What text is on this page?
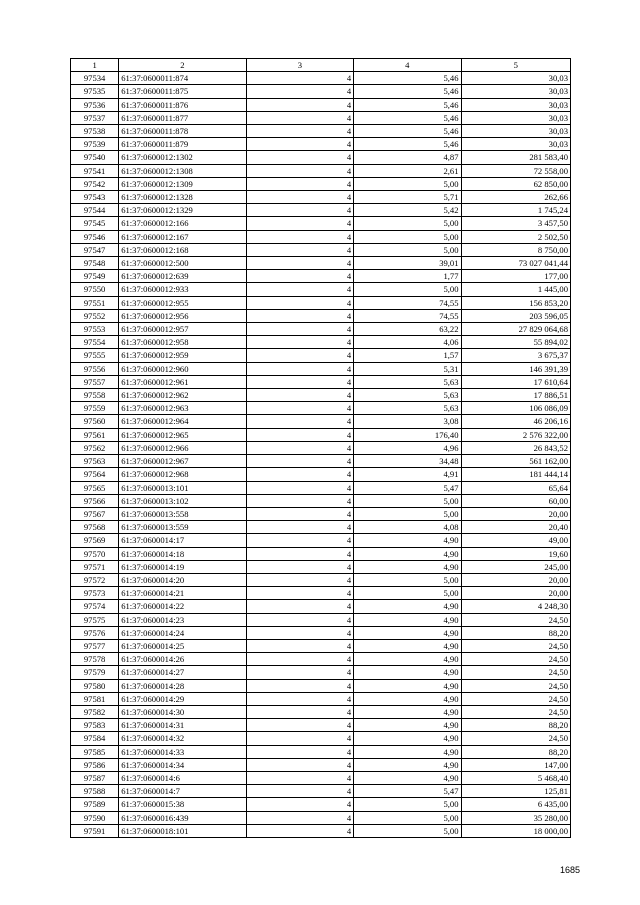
1	2	3	4	5
97534	61:37:0600011:874	4	5,46	30,03
97535	61:37:0600011:875	4	5,46	30,03
97536	61:37:0600011:876	4	5,46	30,03
97537	61:37:0600011:877	4	5,46	30,03
97538	61:37:0600011:878	4	5,46	30,03
97539	61:37:0600011:879	4	5,46	30,03
97540	61:37:0600012:1302	4	4,87	281 583,40
97541	61:37:0600012:1308	4	2,61	72 558,00
97542	61:37:0600012:1309	4	5,00	62 850,00
97543	61:37:0600012:1328	4	5,71	262,66
97544	61:37:0600012:1329	4	5,42	1 745,24
97545	61:37:0600012:166	4	5,00	3 457,50
97546	61:37:0600012:167	4	5,00	2 502,50
97547	61:37:0600012:168	4	5,00	8 750,00
97548	61:37:0600012:500	4	39,01	73 027 041,44
97549	61:37:0600012:639	4	1,77	177,00
97550	61:37:0600012:933	4	5,00	1 445,00
97551	61:37:0600012:955	4	74,55	156 853,20
97552	61:37:0600012:956	4	74,55	203 596,05
97553	61:37:0600012:957	4	63,22	27 829 064,68
97554	61:37:0600012:958	4	4,06	55 894,02
97555	61:37:0600012:959	4	1,57	3 675,37
97556	61:37:0600012:960	4	5,31	146 391,39
97557	61:37:0600012:961	4	5,63	17 610,64
97558	61:37:0600012:962	4	5,63	17 886,51
97559	61:37:0600012:963	4	5,63	106 086,09
97560	61:37:0600012:964	4	3,08	46 206,16
97561	61:37:0600012:965	4	176,40	2 576 322,00
97562	61:37:0600012:966	4	4,96	26 843,52
97563	61:37:0600012:967	4	34,48	561 162,00
97564	61:37:0600012:968	4	4,91	181 444,14
97565	61:37:0600013:101	4	5,47	65,64
97566	61:37:0600013:102	4	5,00	60,00
97567	61:37:0600013:558	4	5,00	20,00
97568	61:37:0600013:559	4	4,08	20,40
97569	61:37:0600014:17	4	4,90	49,00
97570	61:37:0600014:18	4	4,90	19,60
97571	61:37:0600014:19	4	4,90	245,00
97572	61:37:0600014:20	4	5,00	20,00
97573	61:37:0600014:21	4	5,00	20,00
97574	61:37:0600014:22	4	4,90	4 248,30
97575	61:37:0600014:23	4	4,90	24,50
97576	61:37:0600014:24	4	4,90	88,20
97577	61:37:0600014:25	4	4,90	24,50
97578	61:37:0600014:26	4	4,90	24,50
97579	61:37:0600014:27	4	4,90	24,50
97580	61:37:0600014:28	4	4,90	24,50
97581	61:37:0600014:29	4	4,90	24,50
97582	61:37:0600014:30	4	4,90	24,50
97583	61:37:0600014:31	4	4,90	88,20
97584	61:37:0600014:32	4	4,90	24,50
97585	61:37:0600014:33	4	4,90	88,20
97586	61:37:0600014:34	4	4,90	147,00
97587	61:37:0600014:6	4	4,90	5 468,40
97588	61:37:0600014:7	4	5,47	125,81
97589	61:37:0600015:38	4	5,00	6 435,00
97590	61:37:0600016:439	4	5,00	35 280,00
97591	61:37:0600018:101	4	5,00	18 000,00
1685
